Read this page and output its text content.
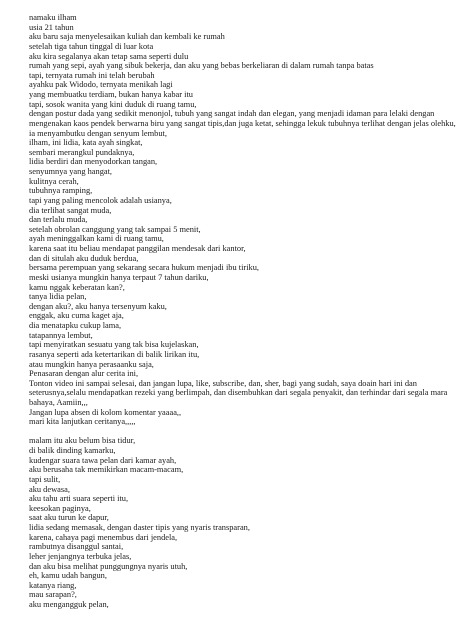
namaku ilham
usia 21 tahun
aku baru saja menyelesaikan kuliah dan kembali ke rumah
setelah tiga tahun tinggal di luar kota
aku kira segalanya akan tetap sama seperti dulu
rumah yang sepi, ayah yang sibuk bekerja, dan aku yang bebas berkeliaran di dalam rumah tanpa batas
tapi, ternyata rumah ini telah berubah
ayahku pak Widodo, ternyata menikah lagi
yang membuatku terdiam, bukan hanya kabar itu
tapi, sosok wanita yang kini duduk di ruang tamu,
dengan postur dada yang sedikit menonjol, tubuh yang sangat indah dan elegan, yang menjadi idaman para lelaki dengan mengenakan kaos pendek berwarna biru yang sangat tipis,dan juga ketat, sehingga lekuk tubuhnya terlihat dengan jelas olehku,
ia menyambutku dengan senyum lembut,
ilham, ini lidia, kata ayah singkat,
sembari merangkul pundaknya,
lidia berdiri dan menyodorkan tangan,
senyumnya yang hangat,
kulitnya cerah,
tubuhnya ramping,
tapi yang paling mencolok adalah usianya,
dia terlihat sangat muda,
dan terlalu muda,
setelah obrolan canggung yang tak sampai 5 menit,
ayah meninggalkan kami di ruang tamu,
karena saat itu beliau mendapat panggilan mendesak dari kantor,
dan di situlah aku duduk berdua,
bersama perempuan yang sekarang secara hukum menjadi ibu tiriku,
meski usianya mungkin hanya terpaut 7 tahun dariku,
kamu nggak keberatan kan?,
tanya lidia pelan,
dengan aku?, aku hanya tersenyum kaku,
enggak, aku cuma kaget aja,
dia menatapku cukup lama,
tatapannya lembut,
tapi menyiratkan sesuatu yang tak bisa kujelaskan,
rasanya seperti ada ketertarikan di balik lirikan itu,
atau mungkin hanya perasaanku saja,
Penasaran dengan alur cerita ini,
Tonton video ini sampai selesai, dan jangan lupa, like, subscribe, dan, sher, bagi yang sudah, saya doain hari ini dan seterusnya,selalu mendapatkan rezeki yang berlimpah, dan disembuhkan dari segala penyakit, dan terhindar dari segala mara bahaya, Aamiin,,,
Jangan lupa absen di kolom komentar yaaaa,,
mari kita lanjutkan ceritanya,,,,,
malam itu aku belum bisa tidur,
di balik dinding kamarku,
kudengar suara tawa pelan dari kamar ayah,
aku berusaha tak memikirkan macam-macam,
tapi sulit,
aku dewasa,
aku tahu arti suara seperti itu,
keesokan paginya,
saat aku turun ke dapur,
lidia sedang memasak, dengan daster tipis yang nyaris transparan,
karena, cahaya pagi menembus dari jendela,
rambutnya disanggul santai,
leher jenjangnya terbuka jelas,
dan aku bisa melihat punggungnya nyaris utuh,
eh, kamu udah bangun,
katanya riang,
mau sarapan?,
aku mengangguk pelan,
